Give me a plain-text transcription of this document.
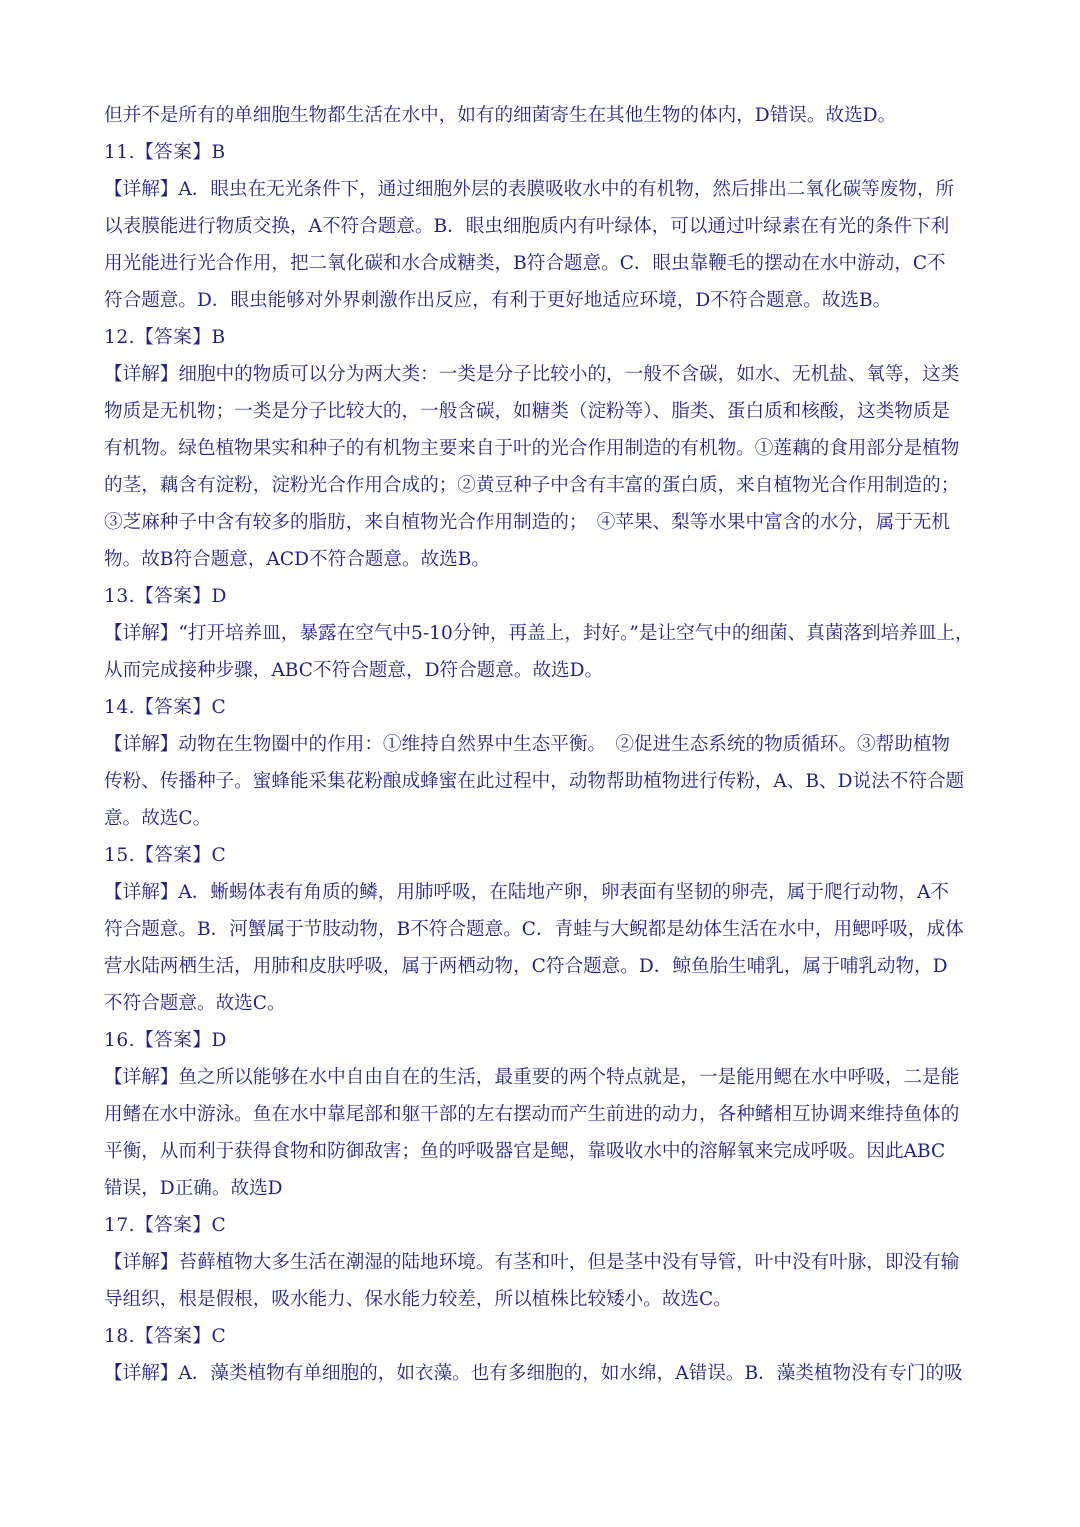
但并不是所有的单细胞生物都生活在水中，如有的细菌寄生在其他生物的体内，D错误。故选D。
11.【答案】B
【详解】A．眼虫在无光条件下，通过细胞外层的表膜吸收水中的有机物，然后排出二氧化碳等废物，所
以表膜能进行物质交换，A不符合题意。B．眼虫细胞质内有叶绿体，可以通过叶绿素在有光的条件下利
用光能进行光合作用，把二氧化碳和水合成糖类，B符合题意。C．眼虫靠鞭毛的摆动在水中游动，C不
符合题意。D．眼虫能够对外界刺激作出反应，有利于更好地适应环境，D不符合题意。故选B。
12.【答案】B
【详解】细胞中的物质可以分为两大类：一类是分子比较小的，一般不含碳，如水、无机盐、氧等，这类
物质是无机物；一类是分子比较大的，一般含碳，如糖类（淀粉等）、脂类、蛋白质和核酸，这类物质是
有机物。绿色植物果实和种子的有机物主要来自于叶的光合作用制造的有机物。①莲藕的食用部分是植物
的茎，藕含有淀粉，淀粉光合作用合成的；②黄豆种子中含有丰富的蛋白质，来自植物光合作用制造的；
③芝麻种子中含有较多的脂肪，来自植物光合作用制造的；　④苹果、梨等水果中富含的水分，属于无机
物。故B符合题意，ACD不符合题意。故选B。
13.【答案】D
【详解】“打开培养皿，暴露在空气中5-10分钟，再盖上，封好。”是让空气中的细菌、真菌落到培养皿上，
从而完成接种步骤，ABC不符合题意，D符合题意。故选D。
14.【答案】C
【详解】动物在生物圈中的作用：①维持自然界中生态平衡。　②促进生态系统的物质循环。③帮助植物
传粉、传播种子。蜜蜂能采集花粉酿成蜂蜜在此过程中，动物帮助植物进行传粉，A、B、D说法不符合题
意。故选C。
15.【答案】C
【详解】A．蜥蜴体表有角质的鳞，用肺呼吸，在陆地产卵，卵表面有坚韧的卵壳，属于爬行动物，A不
符合题意。B．河蟹属于节肢动物，B不符合题意。C．青蛙与大鲵都是幼体生活在水中，用鳃呼吸，成体
营水陆两栖生活，用肺和皮肤呼吸，属于两栖动物，C符合题意。D．鲸鱼胎生哺乳，属于哺乳动物，D
不符合题意。故选C。
16.【答案】D
【详解】鱼之所以能够在水中自由自在的生活，最重要的两个特点就是，一是能用鳃在水中呼吸，二是能
用鳍在水中游泳。鱼在水中靠尾部和躯干部的左右摆动而产生前进的动力，各种鳍相互协调来维持鱼体的
平衡，从而利于获得食物和防御敌害；鱼的呼吸器官是鳃，靠吸收水中的溶解氧来完成呼吸。因此ABC
错误，D正确。故选D
17.【答案】C
【详解】苔藓植物大多生活在潮湿的陆地环境。有茎和叶，但是茎中没有导管，叶中没有叶脉，即没有输
导组织，根是假根，吸水能力、保水能力较差，所以植株比较矮小。故选C。
18.【答案】C
【详解】A．藻类植物有单细胞的，如衣藻。也有多细胞的，如水绵，A错误。B．藻类植物没有专门的吸
